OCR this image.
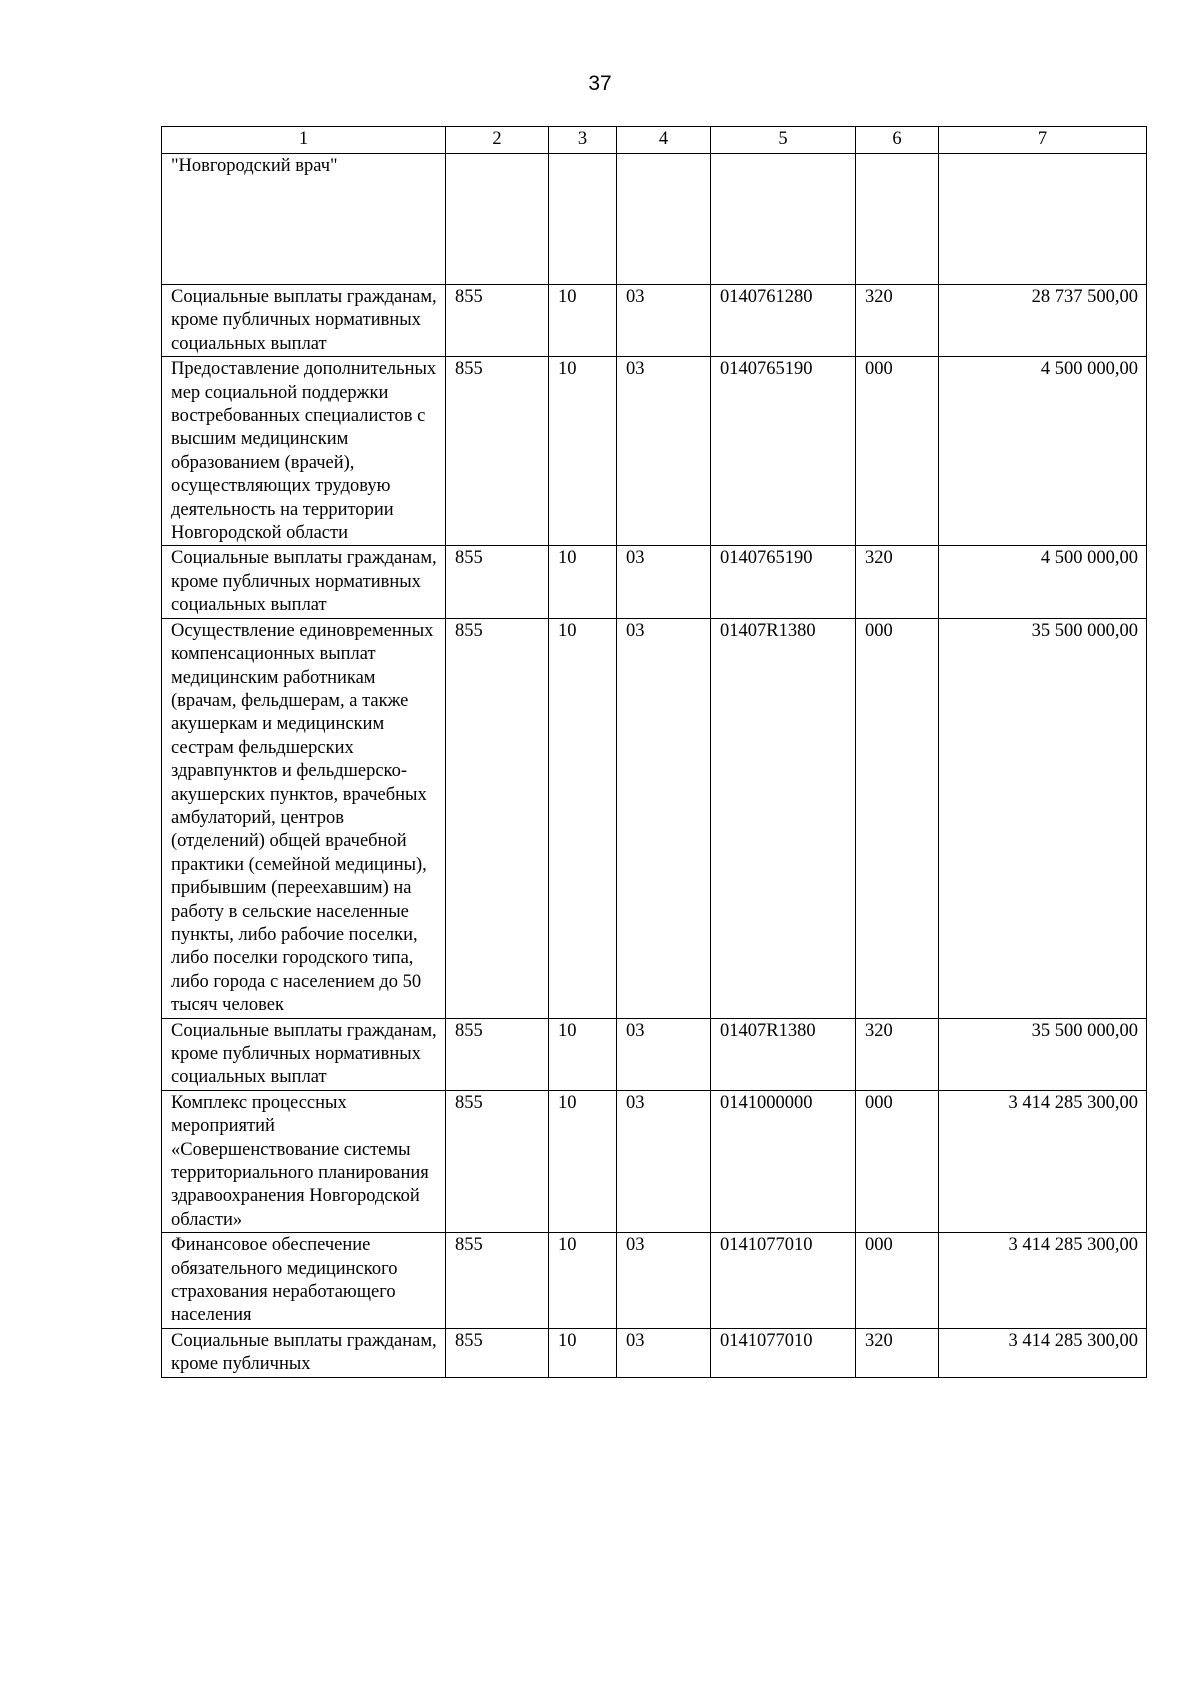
37
1	2	3	4	5	6	7
"Новгородский врач"						
Социальные выплаты гражданам, кроме публичных нормативных социальных выплат	855	10	03	0140761280	320	28 737 500,00
Предоставление дополнительных мер социальной поддержки востребованных специалистов с высшим медицинским образованием (врачей), осуществляющих трудовую деятельность на территории Новгородской области	855	10	03	0140765190	000	4 500 000,00
Социальные выплаты гражданам, кроме публичных нормативных социальных выплат	855	10	03	0140765190	320	4 500 000,00
Осуществление единовременных компенсационных выплат медицинским работникам (врачам, фельдшерам, а также акушеркам и медицинским сестрам фельдшерских здравпунктов и фельдшерско-акушерских пунктов, врачебных амбулаторий, центров (отделений) общей врачебной практики (семейной медицины), прибывшим (переехавшим) на работу в сельские населенные пункты, либо рабочие поселки, либо поселки городского типа, либо города с населением до 50 тысяч человек	855	10	03	01407R1380	000	35 500 000,00
Социальные выплаты гражданам, кроме публичных нормативных социальных выплат	855	10	03	01407R1380	320	35 500 000,00
Комплекс процессных мероприятий «Совершенствование системы территориального планирования здравоохранения Новгородской области»	855	10	03	0141000000	000	3 414 285 300,00
Финансовое обеспечение обязательного медицинского страхования неработающего населения	855	10	03	0141077010	000	3 414 285 300,00
Социальные выплаты гражданам, кроме публичных	855	10	03	0141077010	320	3 414 285 300,00
